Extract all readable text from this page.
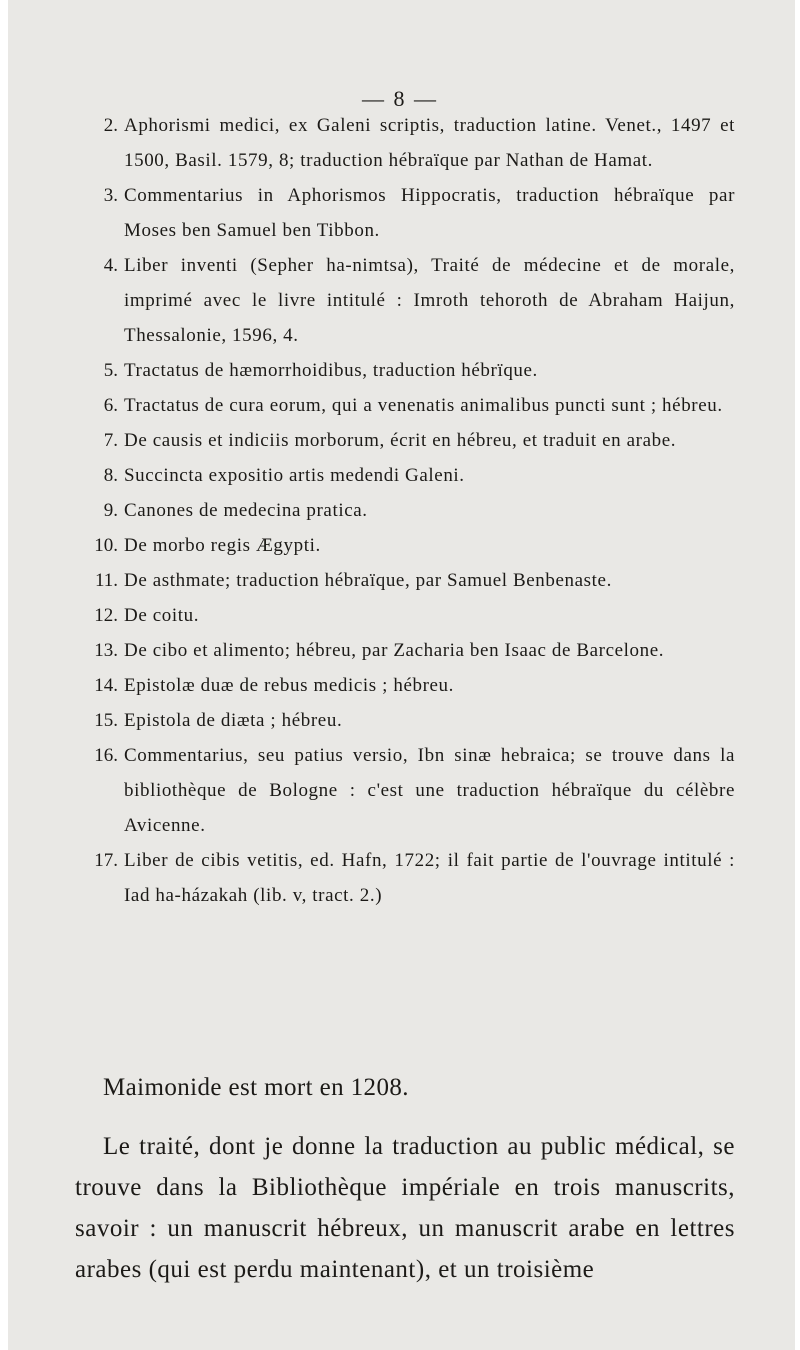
— 8 —
2. Aphorismi medici, ex Galeni scriptis, traduction latine. Venet., 1497 et 1500, Basil. 1579, 8; traduction hébraïque par Nathan de Hamat.
3. Commentarius in Aphorismos Hippocratis, traduction hébraïque par Moses ben Samuel ben Tibbon.
4. Liber inventi (Sepher ha-nimtsa), Traité de médecine et de morale, imprimé avec le livre intitulé : Imroth tehoroth de Abraham Haijun, Thessalonie, 1596, 4.
5. Tractatus de hæmorrhoidibus, traduction hébrïque.
6. Tractatus de cura eorum, qui a venenatis animalibus puncti sunt ; hébreu.
7. De causis et indiciis morborum, écrit en hébreu, et traduit en arabe.
8. Succincta expositio artis medendi Galeni.
9. Canones de medecina pratica.
10. De morbo regis Ægypti.
11. De asthmate; traduction hébraïque, par Samuel Benbenaste.
12. De coitu.
13. De cibo et alimento; hébreu, par Zacharia ben Isaac de Barcelone.
14. Epistolæ duæ de rebus medicis ; hébreu.
15. Epistola de diæta ; hébreu.
16. Commentarius, seu patius versio, Ibn sinæ hebraica; se trouve dans la bibliothèque de Bologne : c'est une traduction hébraïque du célèbre Avicenne.
17. Liber de cibis vetitis, ed. Hafn, 1722; il fait partie de l'ouvrage intitulé : Iad ha-házakah (lib. v, tract. 2.)
Maimonide est mort en 1208.

Le traité, dont je donne la traduction au public médical, se trouve dans la Bibliothèque impériale en trois manuscrits, savoir : un manuscrit hébreux, un manuscrit arabe en lettres arabes (qui est perdu maintenant), et un troisième
